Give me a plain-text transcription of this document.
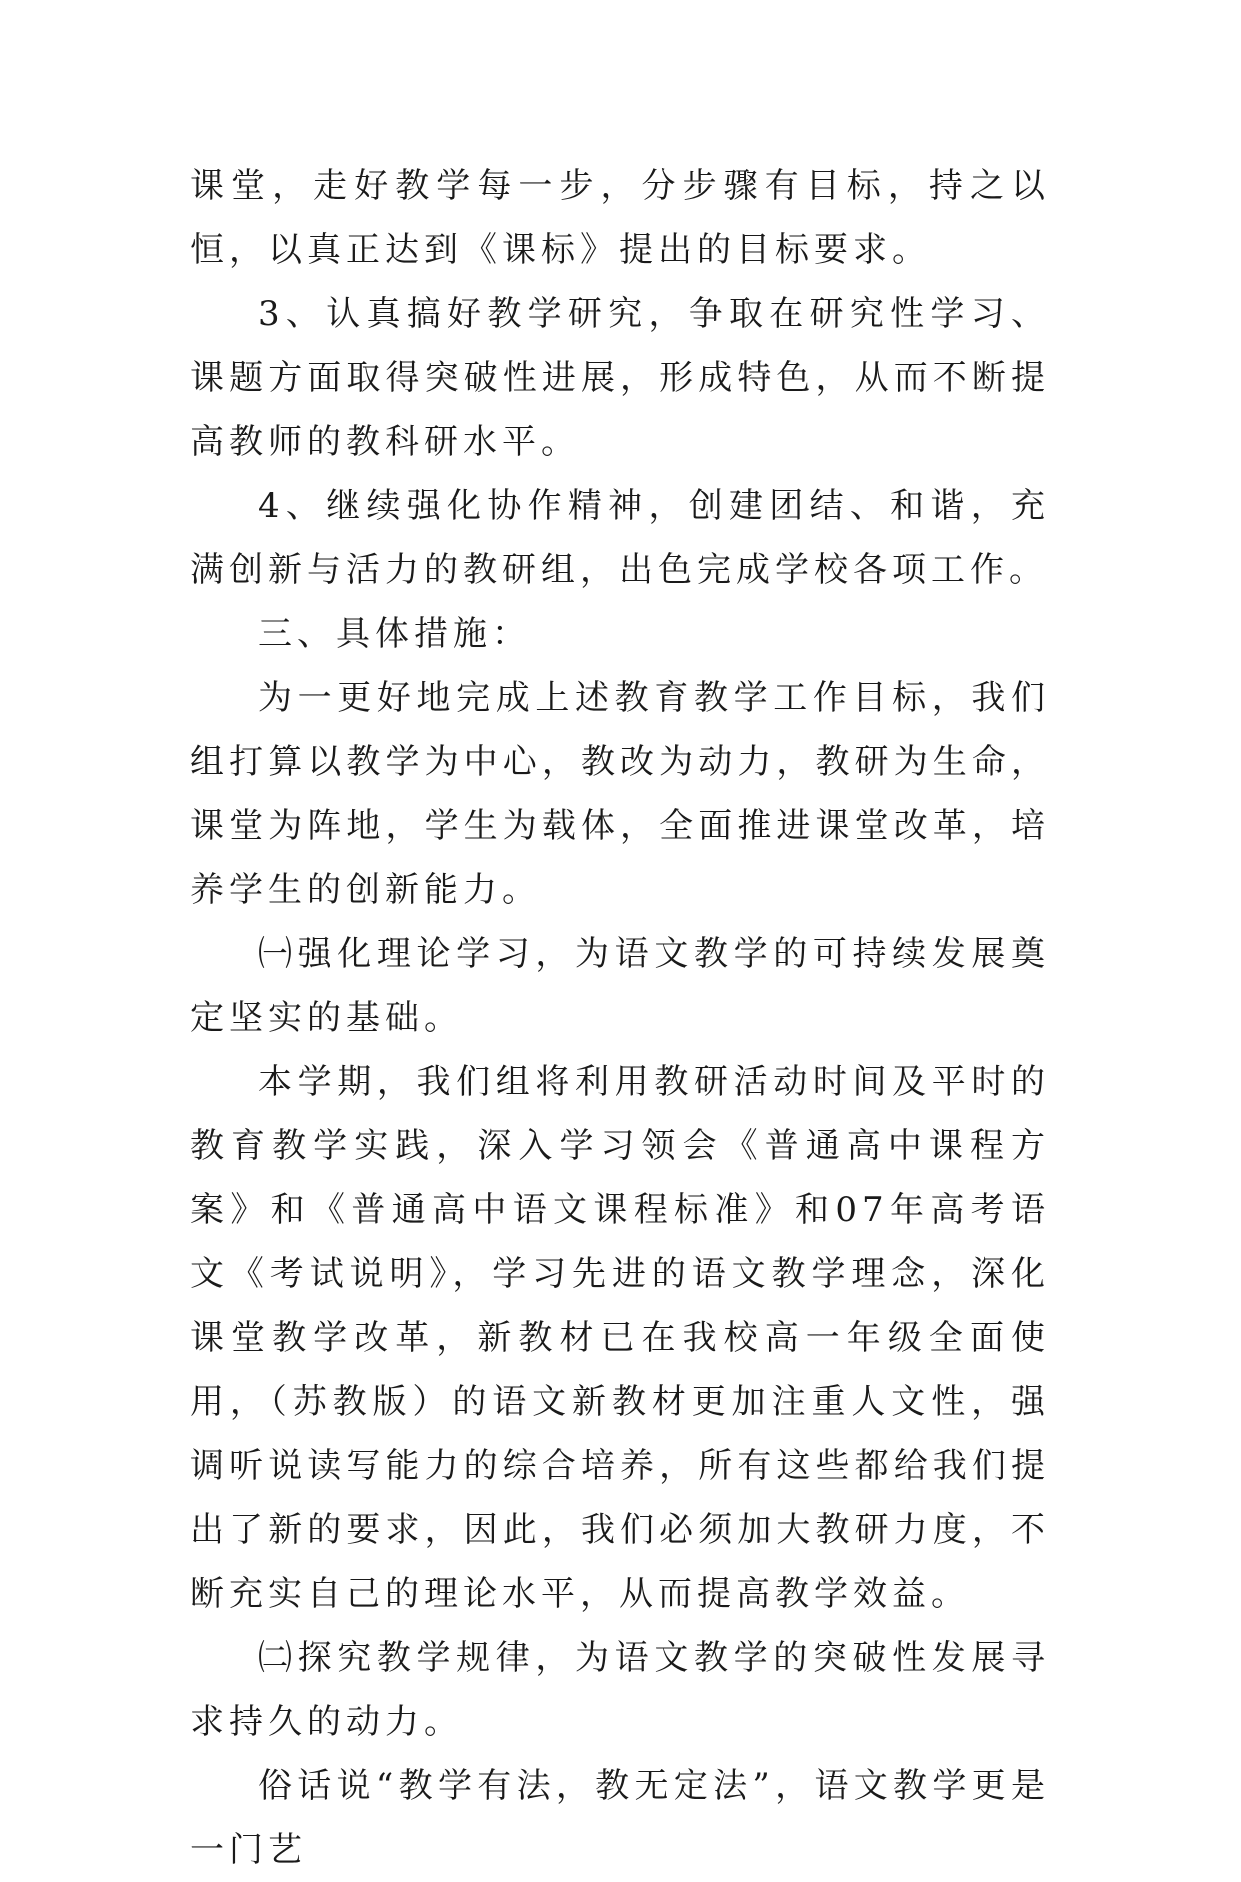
课堂，走好教学每一步，分步骤有目标，持之以恒，以真正达到《课标》提出的目标要求。

3、认真搞好教学研究，争取在研究性学习、课题方面取得突破性进展，形成特色，从而不断提高教师的教科研水平。

4、继续强化协作精神，创建团结、和谐，充满创新与活力的教研组，出色完成学校各项工作。

三、具体措施：

为一更好地完成上述教育教学工作目标，我们组打算以教学为中心，教改为动力，教研为生命，课堂为阵地，学生为载体，全面推进课堂改革，培养学生的创新能力。

㈠强化理论学习，为语文教学的可持续发展奠定坚实的基础。

本学期，我们组将利用教研活动时间及平时的教育教学实践，深入学习领会《普通高中课程方案》和《普通高中语文课程标准》和07年高考语文《考试说明》，学习先进的语文教学理念，深化课堂教学改革，新教材已在我校高一年级全面使用，（苏教版）的语文新教材更加注重人文性，强调听说读写能力的综合培养，所有这些都给我们提出了新的要求，因此，我们必须加大教研力度，不断充实自己的理论水平，从而提高教学效益。

㈡探究教学规律，为语文教学的突破性发展寻求持久的动力。

俗话说“教学有法，教无定法”，语文教学更是一门艺
